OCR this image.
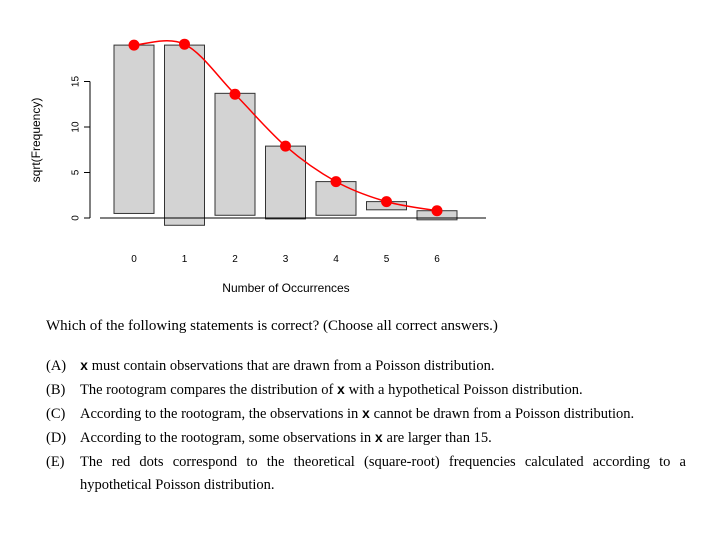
0
5
10
15
0	1	2	3	4	5	6
sqrt(Frequency)
Number of Occurrences

Which of the following statements is correct? (Choose all correct answers.)

(A)	x must contain observations that are drawn from a Poisson distribution.
(B)	The rootogram compares the distribution of x with a hypothetical Poisson distribution.
(C)	According to the rootogram, the observations in x cannot be drawn from a Poisson distribution.
(D) According to the rootogram, some observations in x are larger than 15.
(E)	The red dots correspond to the theoretical (square-root) frequencies calculated according to a hypothetical Poisson distribution.
